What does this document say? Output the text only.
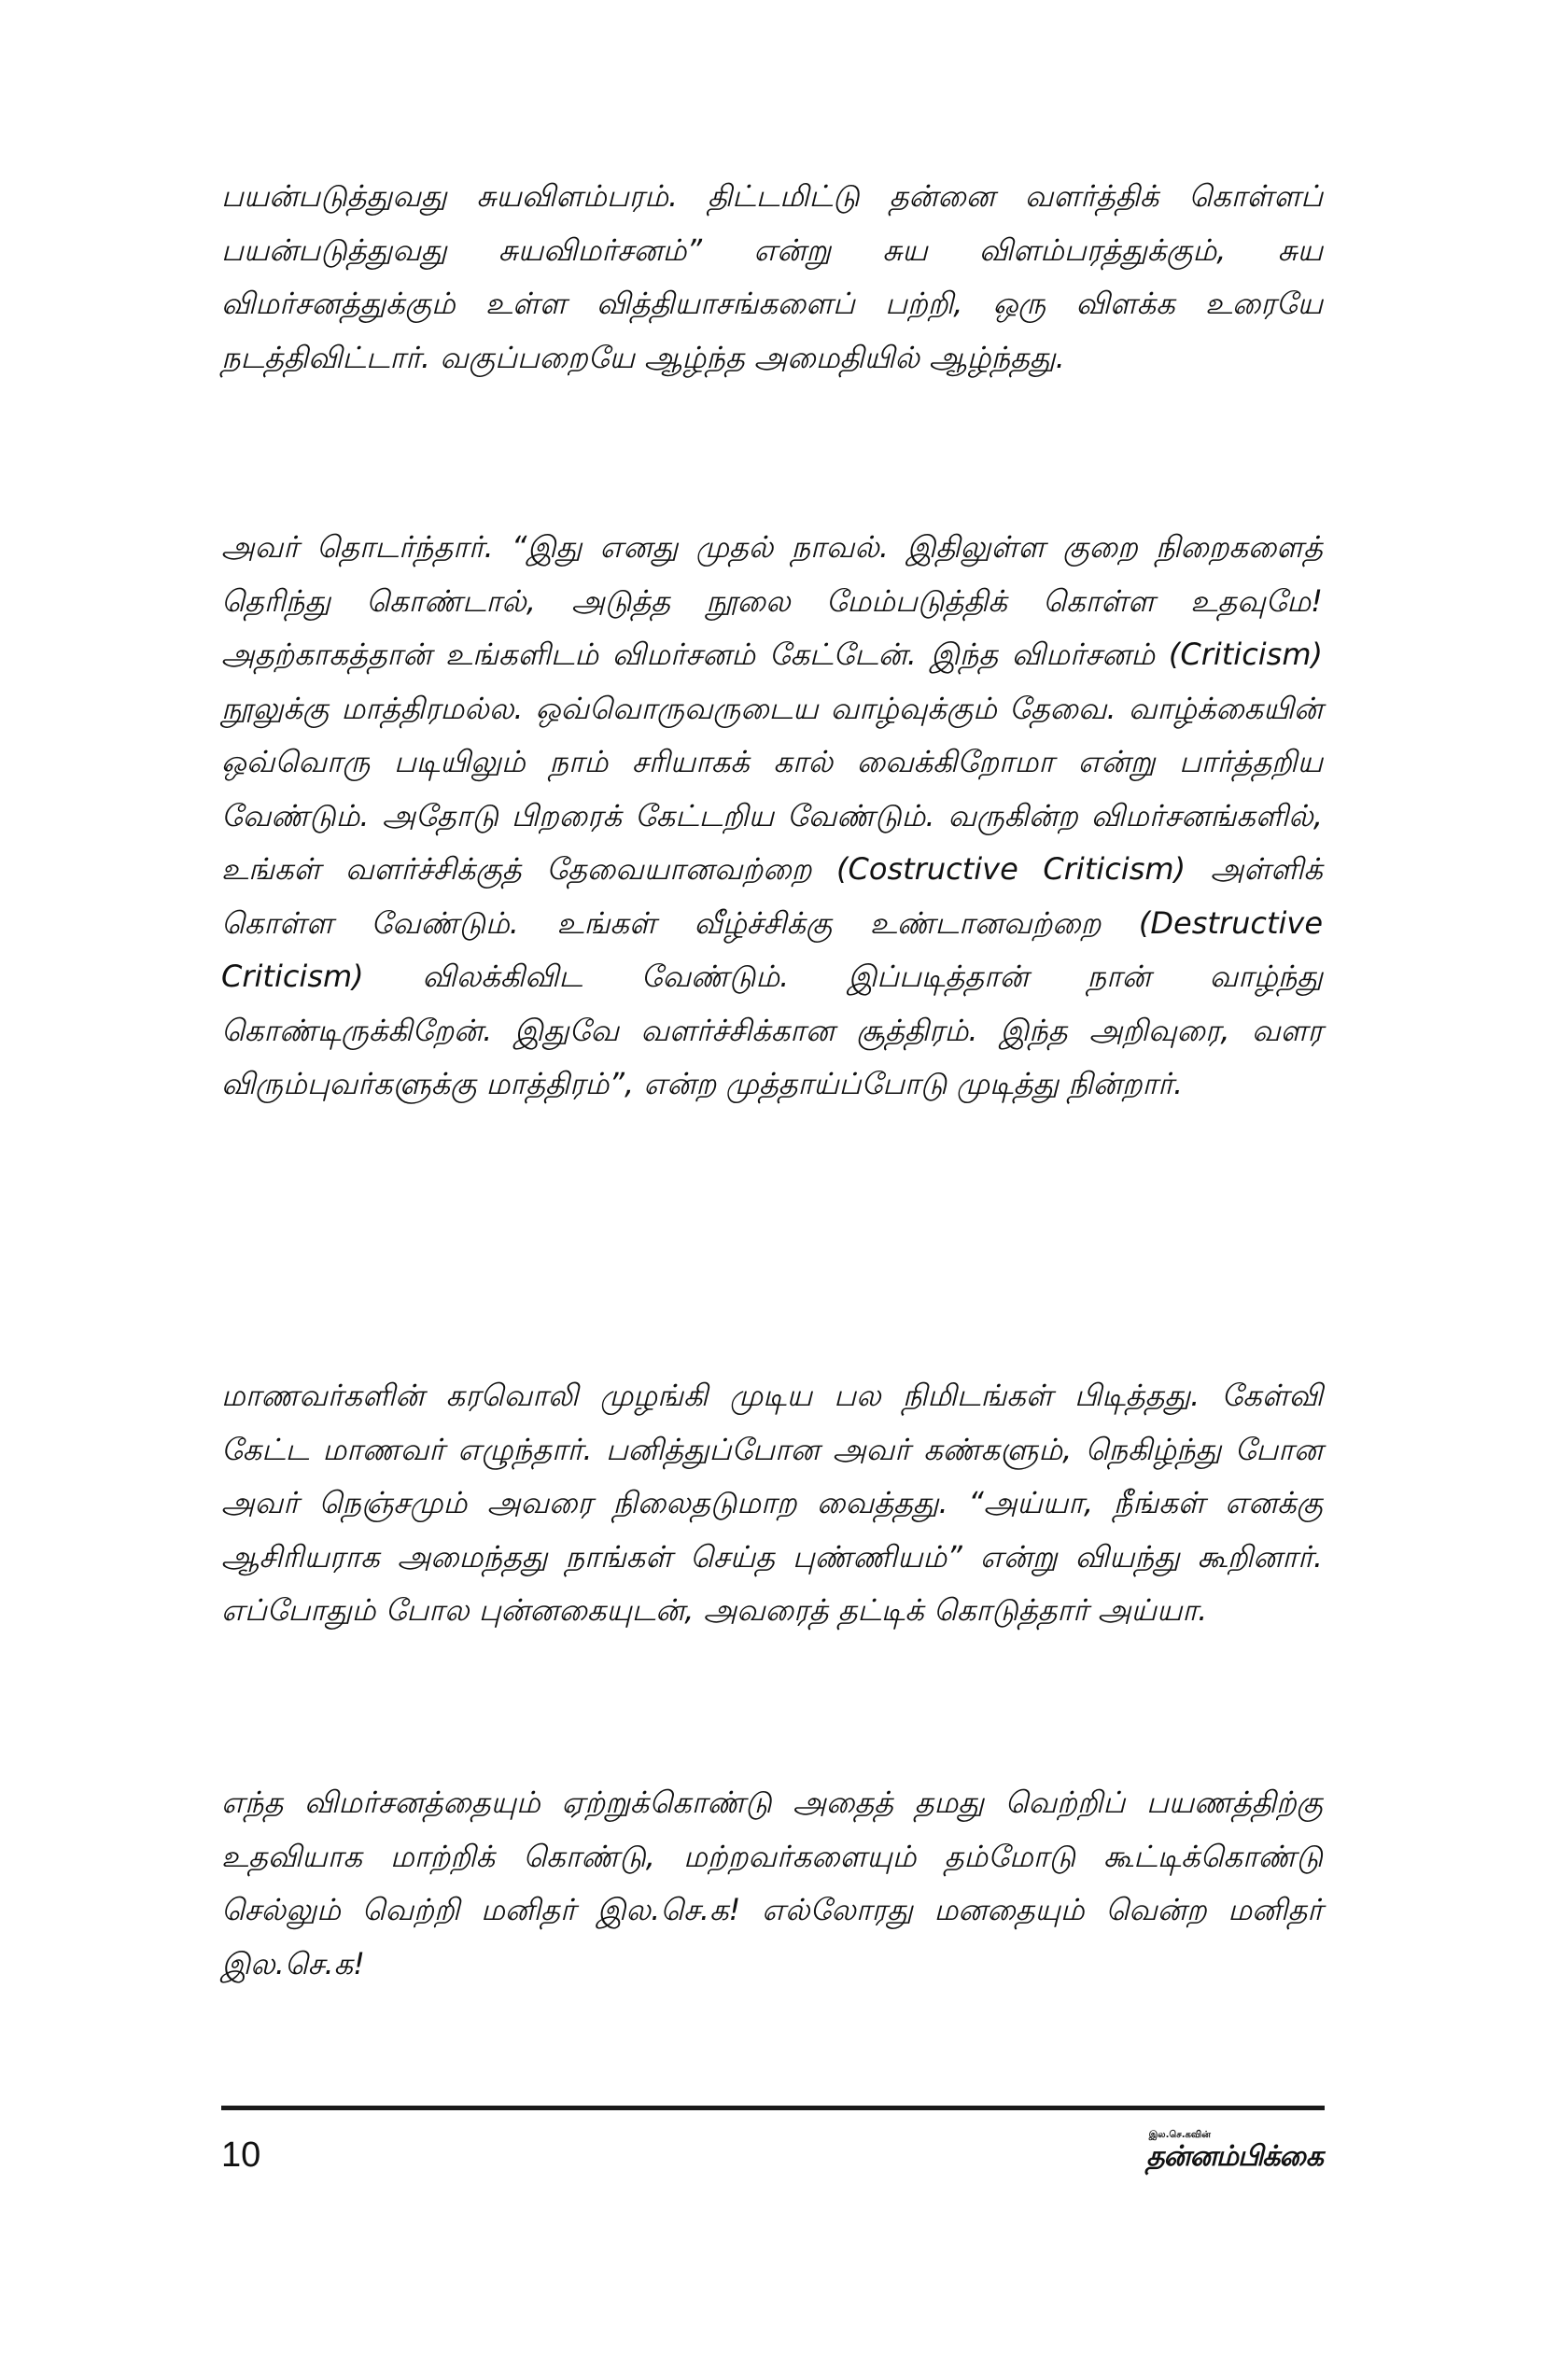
பயன்படுத்துவது சுயவிளம்பரம். திட்டமிட்டு தன்னை வளர்த்திக் கொள்ளப் பயன்படுத்துவது சுயவிமர்சனம்” என்று சுய விளம்பரத்துக்கும், சுய விமர்சனத்துக்கும் உள்ள வித்தியாசங்களைப் பற்றி, ஒரு விளக்க உரையே நடத்திவிட்டார். வகுப்பறையே ஆழ்ந்த அமைதியில் ஆழ்ந்தது.

அவர் தொடர்ந்தார். “இது எனது முதல் நாவல். இதிலுள்ள குறை நிறைகளைத் தெரிந்து கொண்டால், அடுத்த நூலை மேம்படுத்திக் கொள்ள உதவுமே! அதற்காகத்தான் உங்களிடம் விமர்சனம் கேட்டேன். இந்த விமர்சனம் (Criticism) நூலுக்கு மாத்திரமல்ல. ஒவ்வொருவருடைய வாழ்வுக்கும் தேவை. வாழ்க்கையின் ஒவ்வொரு படியிலும் நாம் சரியாகக் கால் வைக்கிறோமா என்று பார்த்தறிய வேண்டும். அதோடு பிறரைக் கேட்டறிய வேண்டும். வருகின்ற விமர்சனங்களில், உங்கள் வளர்ச்சிக்குத் தேவையானவற்றை (Costructive Criticism) அள்ளிக் கொள்ள வேண்டும். உங்கள் வீழ்ச்சிக்கு உண்டானவற்றை (Destructive Criticism) விலக்கிவிட வேண்டும். இப்படித்தான் நான் வாழ்ந்து கொண்டிருக்கிறேன். இதுவே வளர்ச்சிக்கான சூத்திரம். இந்த அறிவுரை, வளர விரும்புவர்களுக்கு மாத்திரம்”, என்ற முத்தாய்ப்போடு முடித்து நின்றார்.

மாணவர்களின் கரவொலி முழங்கி முடிய பல நிமிடங்கள் பிடித்தது. கேள்வி கேட்ட மாணவர் எழுந்தார். பனித்துப்போன அவர் கண்களும், நெகிழ்ந்து போன அவர் நெஞ்சமும் அவரை நிலைதடுமாற வைத்தது. “அய்யா, நீங்கள் எனக்கு ஆசிரியராக அமைந்தது நாங்கள் செய்த புண்ணியம்” என்று வியந்து கூறினார். எப்போதும் போல புன்னகையுடன், அவரைத் தட்டிக் கொடுத்தார் அய்யா.

எந்த விமர்சனத்தையும் ஏற்றுக்கொண்டு அதைத் தமது வெற்றிப் பயணத்திற்கு உதவியாக மாற்றிக் கொண்டு, மற்றவர்களையும் தம்மோடு கூட்டிக்கொண்டு செல்லும் வெற்றி மனிதர் இல.செ.க! எல்லோரது மனதையும் வென்ற மனிதர் இல.செ.க!

10
இல.செ.கவின்
தன்னம்பிக்கை
